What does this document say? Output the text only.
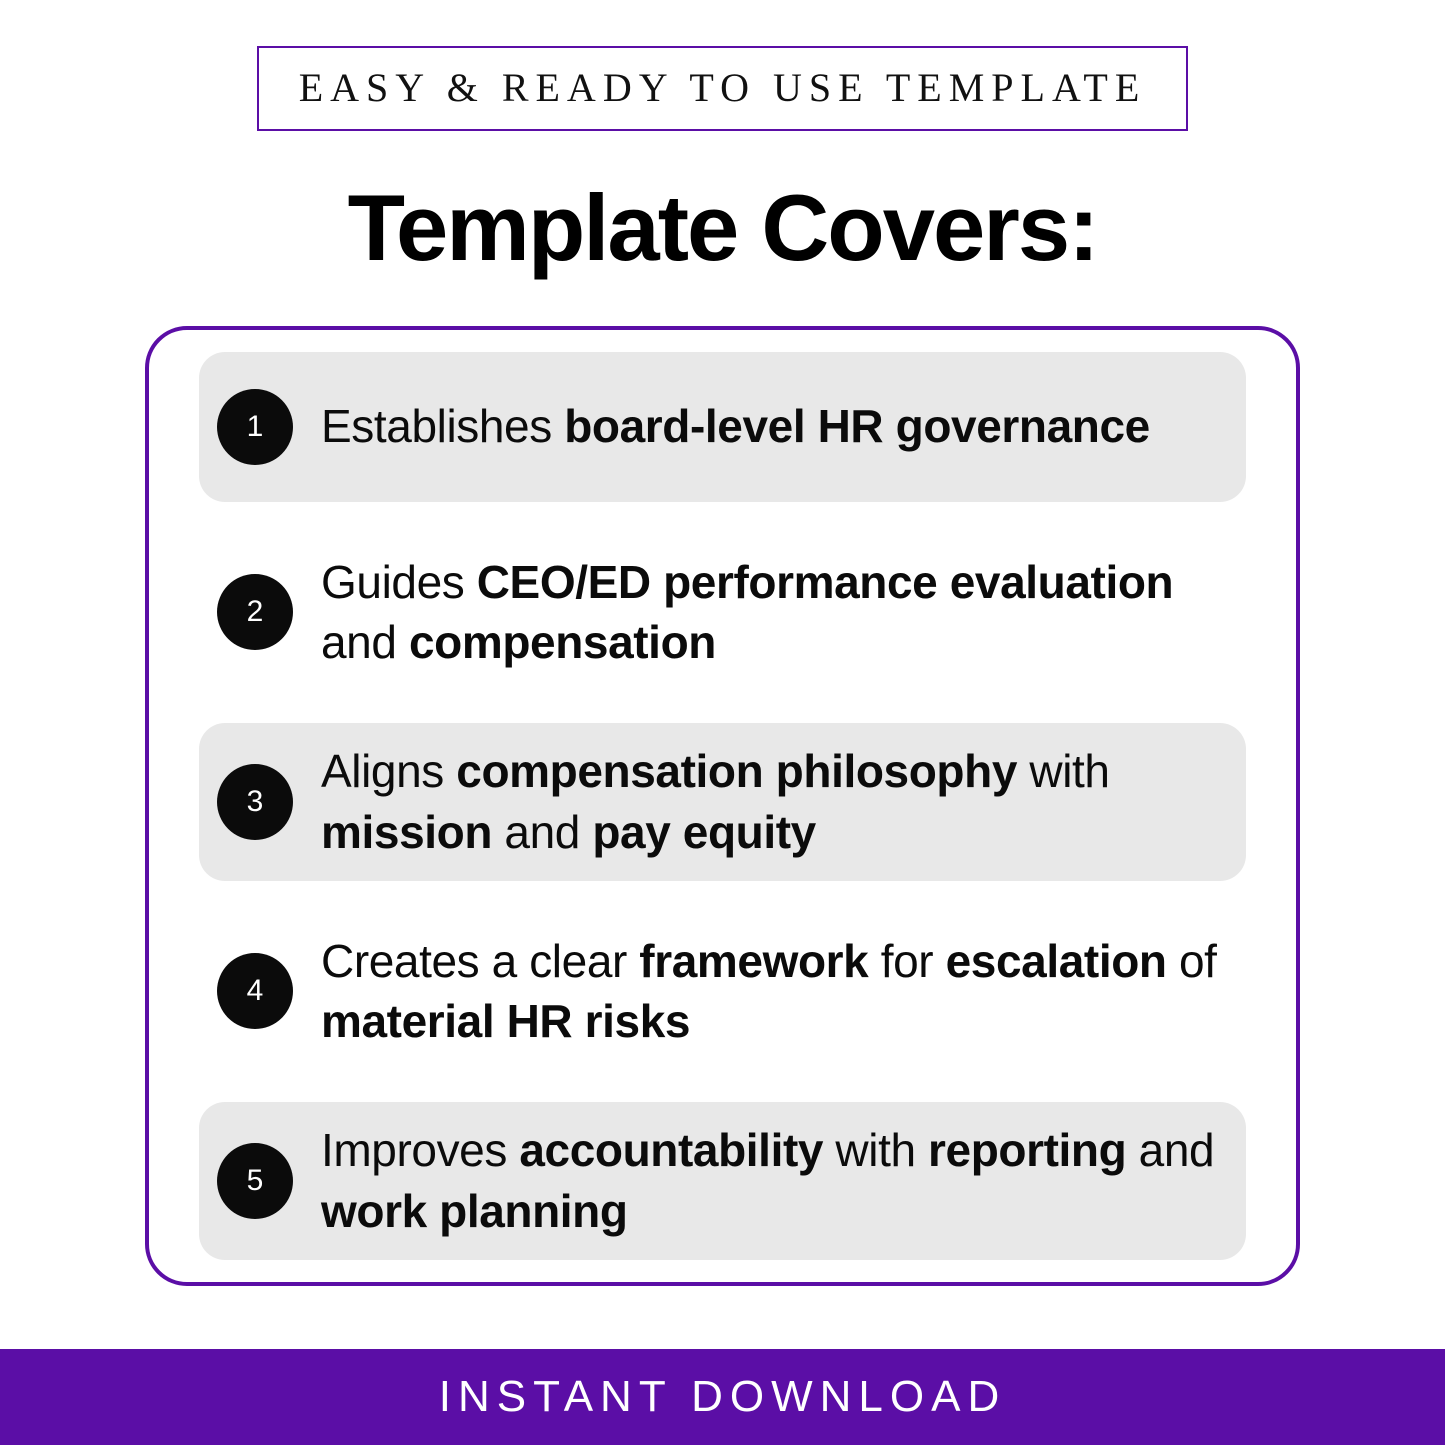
EASY & READY TO USE TEMPLATE
Template Covers:
1	Establishes board-level HR governance
2
Guides CEO/ED performance evaluation and compensation
3
Aligns compensation philosophy with mission and pay equity
4
Creates a clear framework for escalation of material HR risks
5
Improves accountability with reporting and work planning
INSTANT DOWNLOAD
